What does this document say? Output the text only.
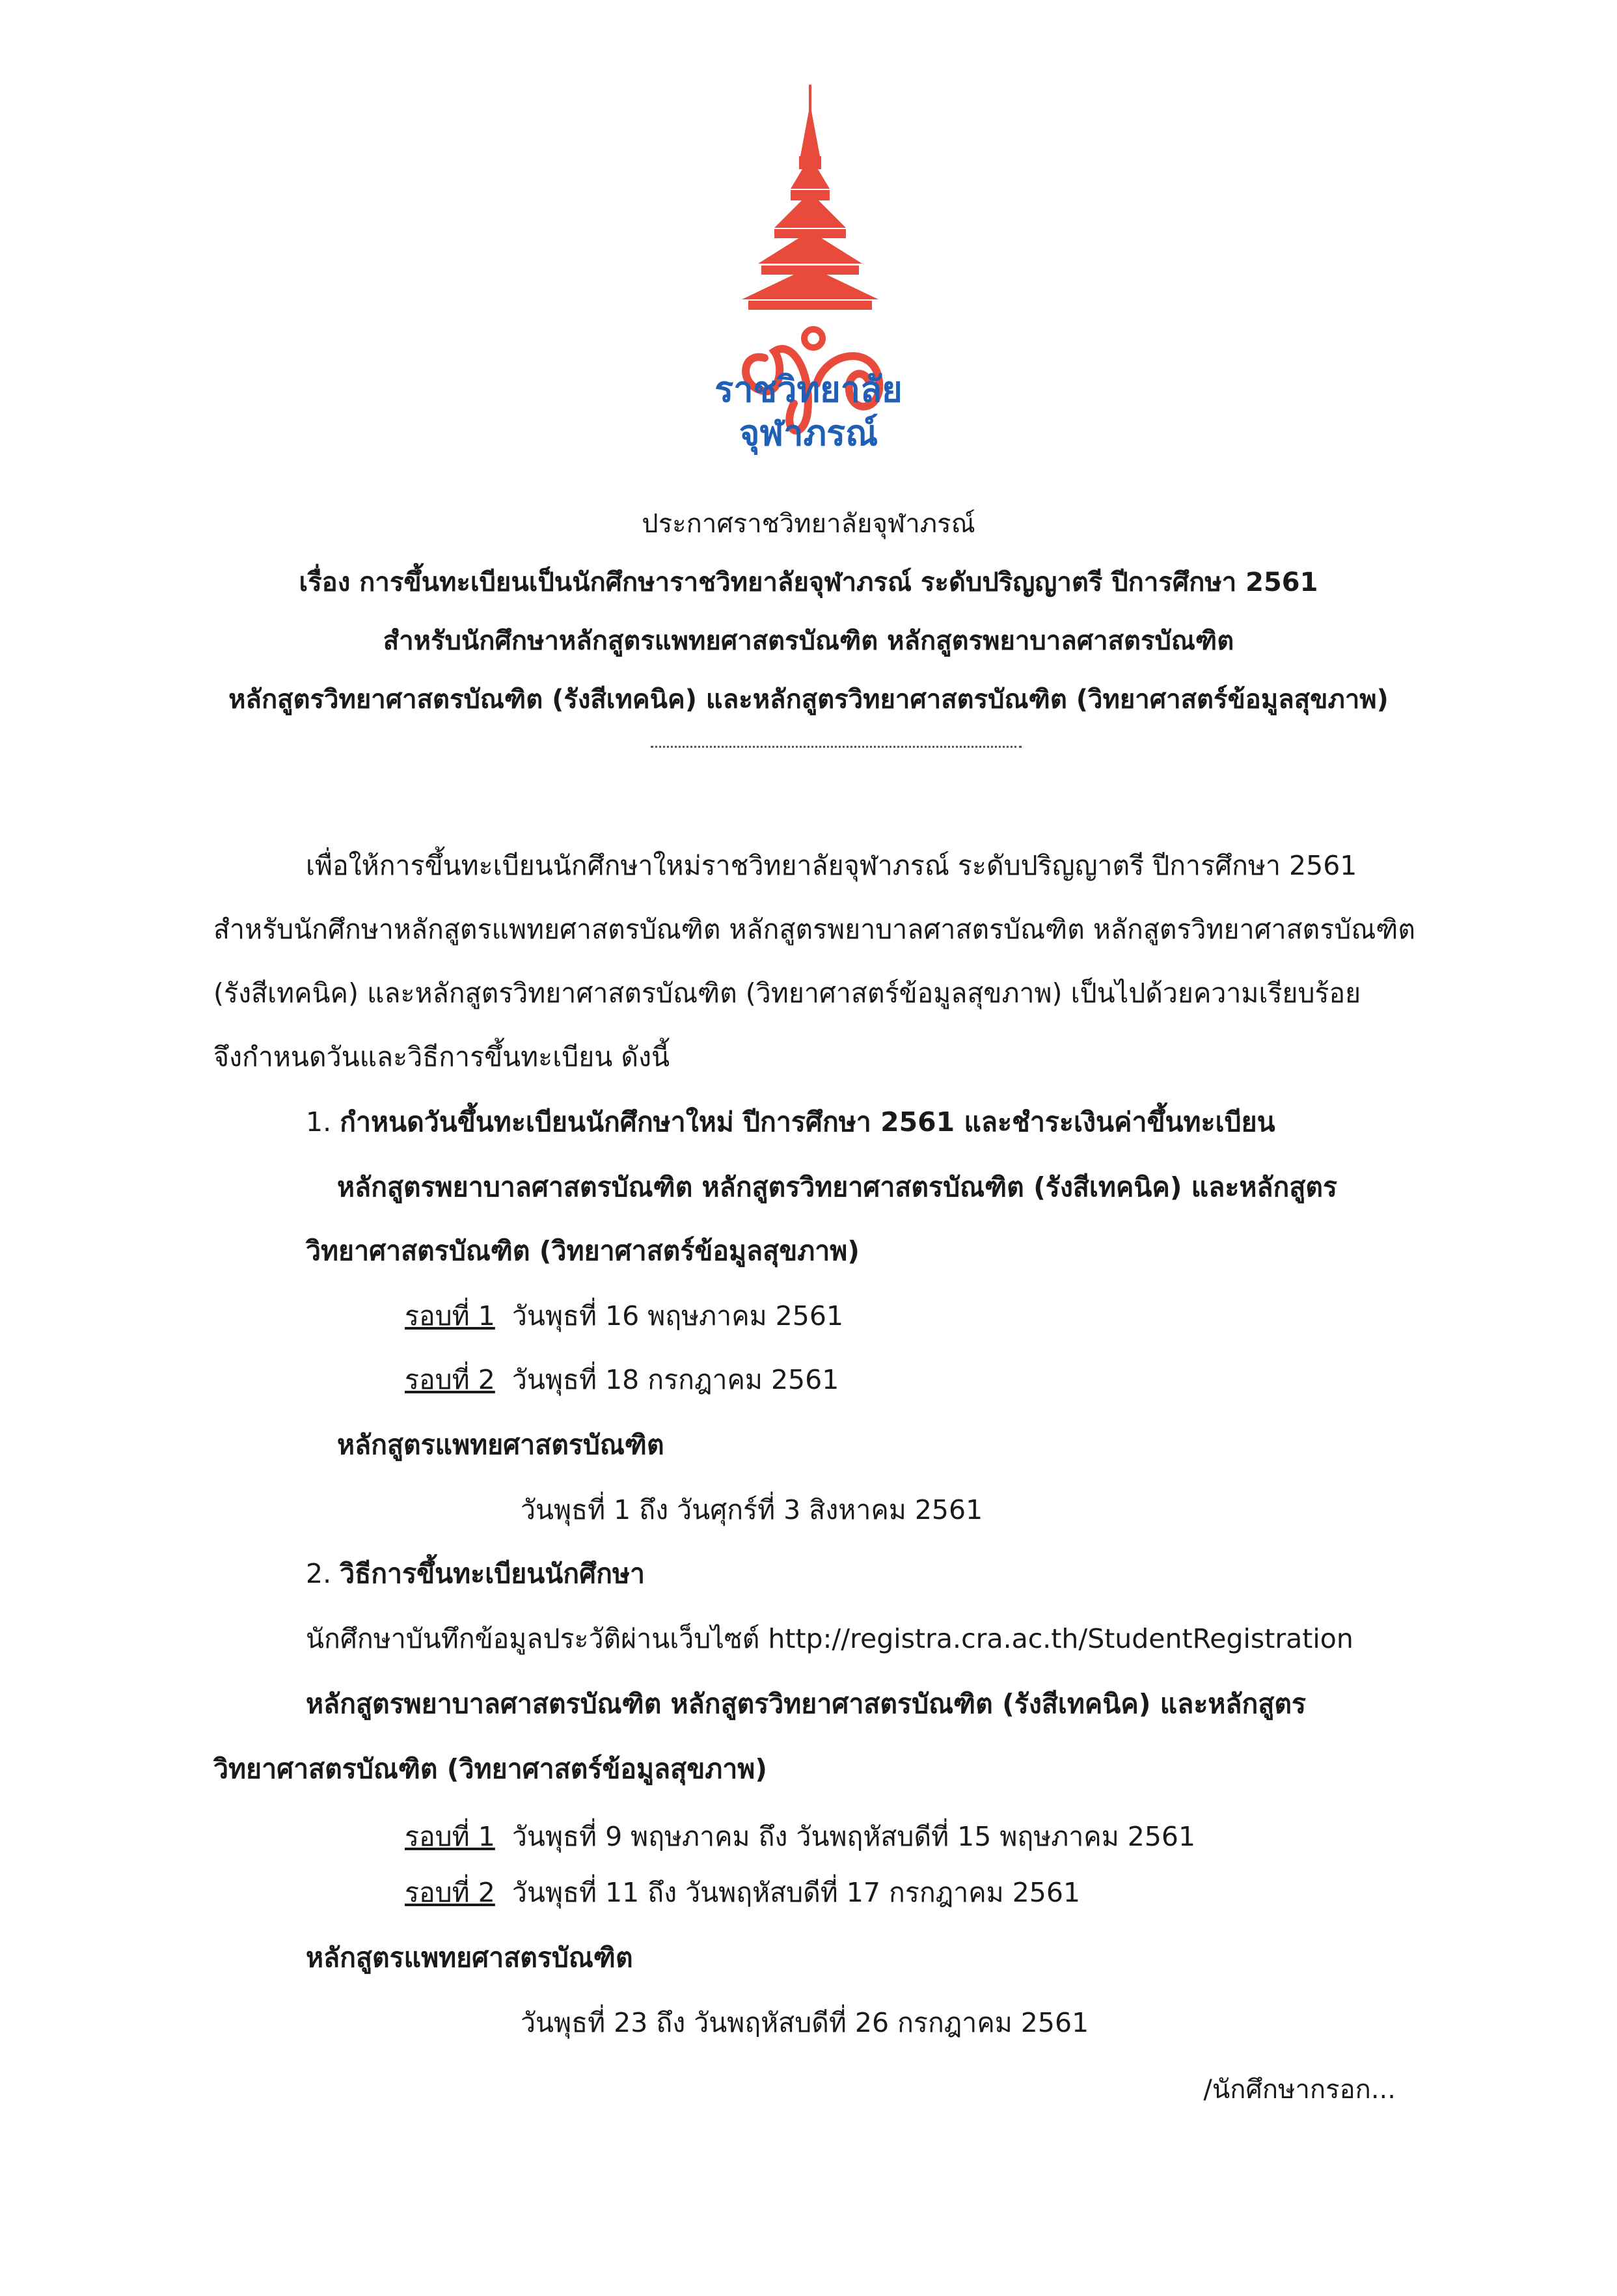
ราชวิทยาลัย
จุฬาภรณ์
ประกาศราชวิทยาลัยจุฬาภรณ์
เรื่อง การขึ้นทะเบียนเป็นนักศึกษาราชวิทยาลัยจุฬาภรณ์ ระดับปริญญาตรี ปีการศึกษา 2561
สำหรับนักศึกษาหลักสูตรแพทยศาสตรบัณฑิต หลักสูตรพยาบาลศาสตรบัณฑิต
หลักสูตรวิทยาศาสตรบัณฑิต (รังสีเทคนิค) และหลักสูตรวิทยาศาสตรบัณฑิต (วิทยาศาสตร์ข้อมูลสุขภาพ)
เพื่อให้การขึ้นทะเบียนนักศึกษาใหม่ราชวิทยาลัยจุฬาภรณ์ ระดับปริญญาตรี ปีการศึกษา 2561
สำหรับนักศึกษาหลักสูตรแพทยศาสตรบัณฑิต หลักสูตรพยาบาลศาสตรบัณฑิต หลักสูตรวิทยาศาสตรบัณฑิต
(รังสีเทคนิค) และหลักสูตรวิทยาศาสตรบัณฑิต (วิทยาศาสตร์ข้อมูลสุขภาพ) เป็นไปด้วยความเรียบร้อย
จึงกำหนดวันและวิธีการขึ้นทะเบียน ดังนี้
1. กำหนดวันขึ้นทะเบียนนักศึกษาใหม่ ปีการศึกษา 2561 และชำระเงินค่าขึ้นทะเบียน
หลักสูตรพยาบาลศาสตรบัณฑิต หลักสูตรวิทยาศาสตรบัณฑิต (รังสีเทคนิค) และหลักสูตร
วิทยาศาสตรบัณฑิต (วิทยาศาสตร์ข้อมูลสุขภาพ)
รอบที่ 1 วันพุธที่ 16 พฤษภาคม 2561
รอบที่ 2 วันพุธที่ 18 กรกฎาคม 2561
หลักสูตรแพทยศาสตรบัณฑิต
วันพุธที่ 1 ถึง วันศุกร์ที่ 3 สิงหาคม 2561
2. วิธีการขึ้นทะเบียนนักศึกษา
นักศึกษาบันทึกข้อมูลประวัติผ่านเว็บไซต์ http://registra.cra.ac.th/StudentRegistration
หลักสูตรพยาบาลศาสตรบัณฑิต หลักสูตรวิทยาศาสตรบัณฑิต (รังสีเทคนิค) และหลักสูตร
วิทยาศาสตรบัณฑิต (วิทยาศาสตร์ข้อมูลสุขภาพ)
รอบที่ 1 วันพุธที่ 9 พฤษภาคม ถึง วันพฤหัสบดีที่ 15 พฤษภาคม 2561
รอบที่ 2 วันพุธที่ 11 ถึง วันพฤหัสบดีที่ 17 กรกฎาคม 2561
หลักสูตรแพทยศาสตรบัณฑิต
วันพุธที่ 23 ถึง วันพฤหัสบดีที่ 26 กรกฎาคม 2561
/นักศึกษากรอก...
